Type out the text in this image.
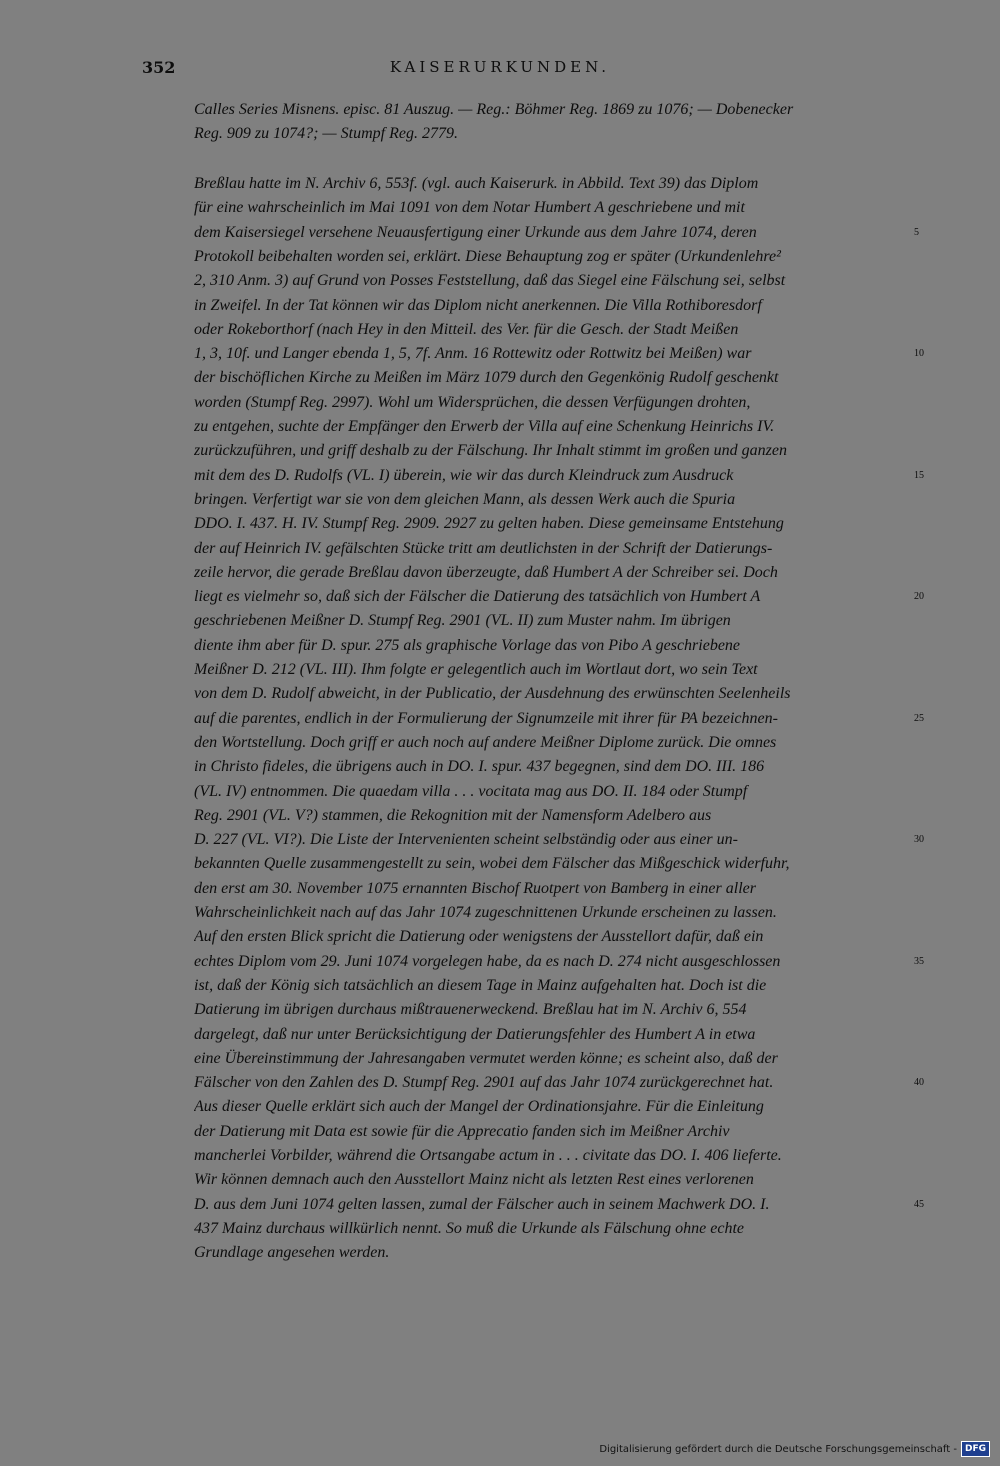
352	KAISERURKUNDEN.
Calles Series Misnens. episc. 81 Auszug. — Reg.: Böhmer Reg. 1869 zu 1076; — Dobenecker
Reg. 909 zu 1074?; — Stumpf Reg. 2779.
Breßlau hatte im N. Archiv 6, 553f. (vgl. auch Kaiserurk. in Abbild. Text 39) das Diplom
für eine wahrscheinlich im Mai 1091 von dem Notar Humbert A geschriebene und mit
dem Kaisersiegel versehene Neuausfertigung einer Urkunde aus dem Jahre 1074, deren	5
Protokoll beibehalten worden sei, erklärt. Diese Behauptung zog er später (Urkundenlehre²
2, 310 Anm. 3) auf Grund von Posses Feststellung, daß das Siegel eine Fälschung sei, selbst
in Zweifel. In der Tat können wir das Diplom nicht anerkennen. Die Villa Rothiboresdorf
oder Rokeborthorf (nach Hey in den Mitteil. des Ver. für die Gesch. der Stadt Meißen
1, 3, 10f. und Langer ebenda 1, 5, 7f. Anm. 16 Rottewitz oder Rottwitz bei Meißen) war	10
der bischöflichen Kirche zu Meißen im März 1079 durch den Gegenkönig Rudolf geschenkt
worden (Stumpf Reg. 2997). Wohl um Widersprüchen, die dessen Verfügungen drohten,
zu entgehen, suchte der Empfänger den Erwerb der Villa auf eine Schenkung Heinrichs IV.
zurückzuführen, und griff deshalb zu der Fälschung. Ihr Inhalt stimmt im großen und ganzen
mit dem des D. Rudolfs (VL. I) überein, wie wir das durch Kleindruck zum Ausdruck	15
bringen. Verfertigt war sie von dem gleichen Mann, als dessen Werk auch die Spuria
DDO. I. 437. H. IV. Stumpf Reg. 2909. 2927 zu gelten haben. Diese gemeinsame Entstehung
der auf Heinrich IV. gefälschten Stücke tritt am deutlichsten in der Schrift der Datierungs-
zeile hervor, die gerade Breßlau davon überzeugte, daß Humbert A der Schreiber sei. Doch
liegt es vielmehr so, daß sich der Fälscher die Datierung des tatsächlich von Humbert A	20
geschriebenen Meißner D. Stumpf Reg. 2901 (VL. II) zum Muster nahm. Im übrigen
diente ihm aber für D. spur. 275 als graphische Vorlage das von Pibo A geschriebene
Meißner D. 212 (VL. III). Ihm folgte er gelegentlich auch im Wortlaut dort, wo sein Text
von dem D. Rudolf abweicht, in der Publicatio, der Ausdehnung des erwünschten Seelenheils
auf die parentes, endlich in der Formulierung der Signumzeile mit ihrer für PA bezeichnen-	25
den Wortstellung. Doch griff er auch noch auf andere Meißner Diplome zurück. Die omnes
in Christo fideles, die übrigens auch in DO. I. spur. 437 begegnen, sind dem DO. III. 186
(VL. IV) entnommen. Die quaedam villa . . . vocitata mag aus DO. II. 184 oder Stumpf
Reg. 2901 (VL. V?) stammen, die Rekognition mit der Namensform Adelbero aus
D. 227 (VL. VI?). Die Liste der Intervenienten scheint selbständig oder aus einer un-	30
bekannten Quelle zusammengestellt zu sein, wobei dem Fälscher das Mißgeschick widerfuhr,
den erst am 30. November 1075 ernannten Bischof Ruotpert von Bamberg in einer aller
Wahrscheinlichkeit nach auf das Jahr 1074 zugeschnittenen Urkunde erscheinen zu lassen.
Auf den ersten Blick spricht die Datierung oder wenigstens der Ausstellort dafür, daß ein
echtes Diplom vom 29. Juni 1074 vorgelegen habe, da es nach D. 274 nicht ausgeschlossen	35
ist, daß der König sich tatsächlich an diesem Tage in Mainz aufgehalten hat. Doch ist die
Datierung im übrigen durchaus mißtrauenerweckend. Breßlau hat im N. Archiv 6, 554
dargelegt, daß nur unter Berücksichtigung der Datierungsfehler des Humbert A in etwa
eine Übereinstimmung der Jahresangaben vermutet werden könne; es scheint also, daß der
Fälscher von den Zahlen des D. Stumpf Reg. 2901 auf das Jahr 1074 zurückgerechnet hat.	40
Aus dieser Quelle erklärt sich auch der Mangel der Ordinationsjahre. Für die Einleitung
der Datierung mit Data est sowie für die Apprecatio fanden sich im Meißner Archiv
mancherlei Vorbilder, während die Ortsangabe actum in . . . civitate das DO. I. 406 lieferte.
Wir können demnach auch den Ausstellort Mainz nicht als letzten Rest eines verlorenen
D. aus dem Juni 1074 gelten lassen, zumal der Fälscher auch in seinem Machwerk DO. I.	45
437 Mainz durchaus willkürlich nennt. So muß die Urkunde als Fälschung ohne echte
Grundlage angesehen werden.
Digitalisierung gefördert durch die Deutsche Forschungsgemeinschaft - DFG
